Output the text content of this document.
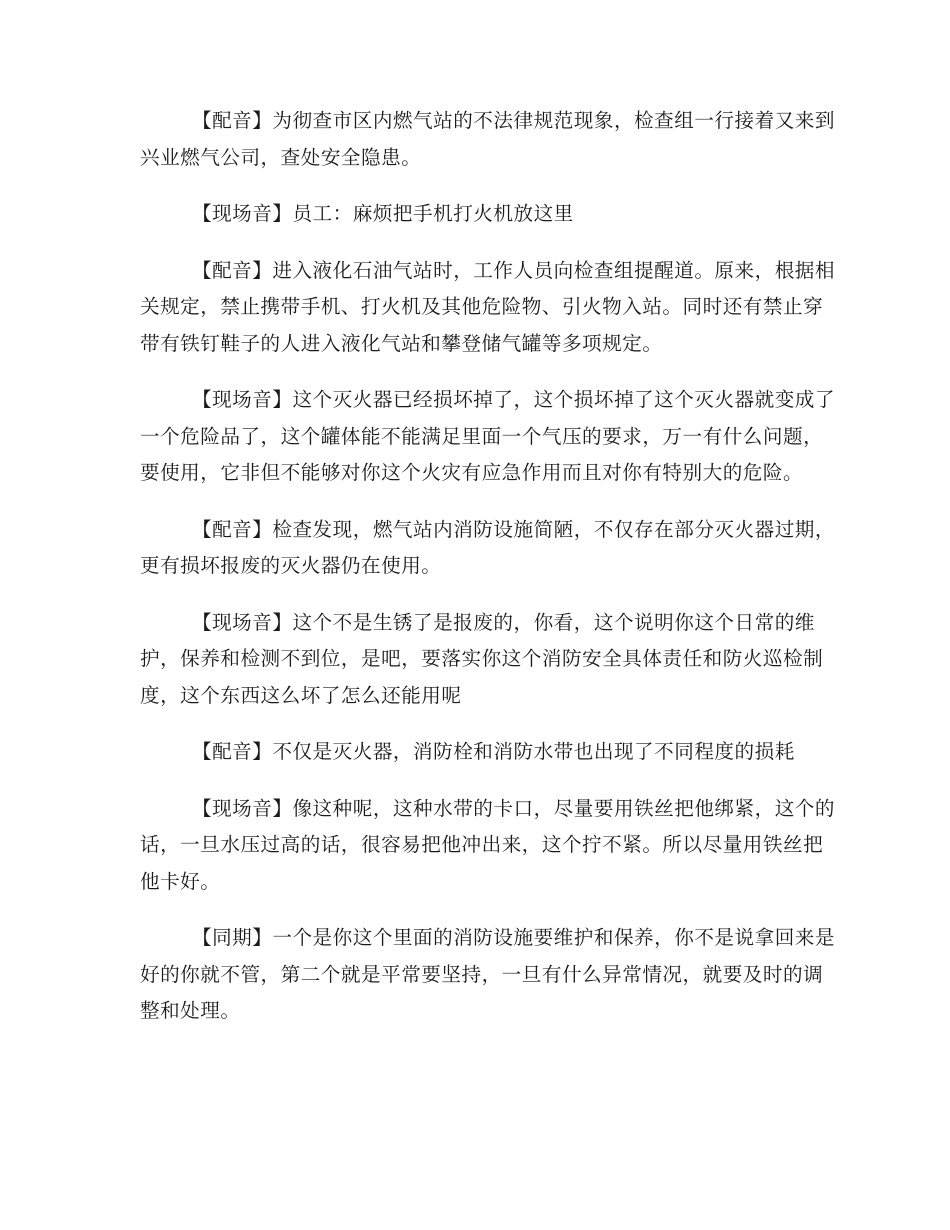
【配音】为彻查市区内燃气站的不法律规范现象，检查组一行接着又来到兴业燃气公司，查处安全隐患。

【现场音】员工：麻烦把手机打火机放这里

【配音】进入液化石油气站时，工作人员向检查组提醒道。原来，根据相关规定，禁止携带手机、打火机及其他危险物、引火物入站。同时还有禁止穿带有铁钉鞋子的人进入液化气站和攀登储气罐等多项规定。

【现场音】这个灭火器已经损坏掉了，这个损坏掉了这个灭火器就变成了一个危险品了，这个罐体能不能满足里面一个气压的要求，万一有什么问题，要使用，它非但不能够对你这个火灾有应急作用而且对你有特别大的危险。

【配音】检查发现，燃气站内消防设施简陋，不仅存在部分灭火器过期，更有损坏报废的灭火器仍在使用。

【现场音】这个不是生锈了是报废的，你看，这个说明你这个日常的维护，保养和检测不到位，是吧，要落实你这个消防安全具体责任和防火巡检制度，这个东西这么坏了怎么还能用呢

【配音】不仅是灭火器，消防栓和消防水带也出现了不同程度的损耗

【现场音】像这种呢，这种水带的卡口，尽量要用铁丝把他绑紧，这个的话，一旦水压过高的话，很容易把他冲出来，这个拧不紧。所以尽量用铁丝把他卡好。

【同期】一个是你这个里面的消防设施要维护和保养，你不是说拿回来是好的你就不管，第二个就是平常要坚持，一旦有什么异常情况，就要及时的调整和处理。
